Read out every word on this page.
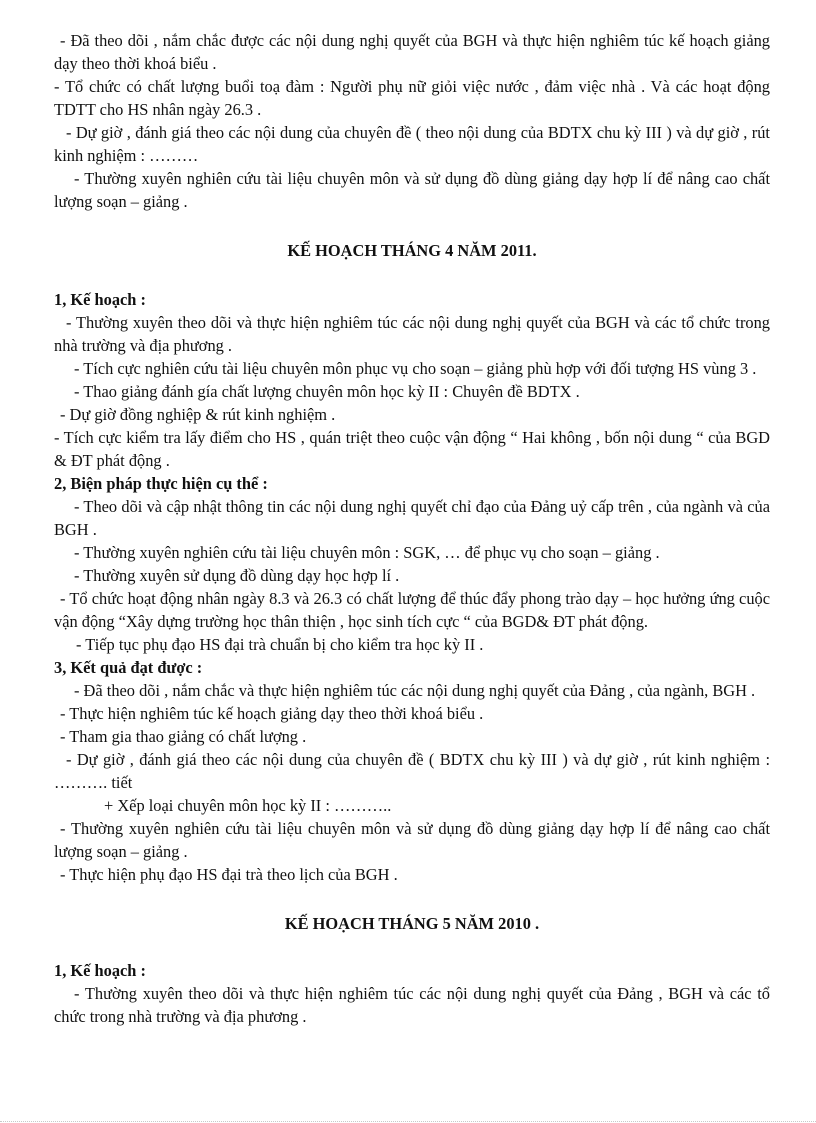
- Đã theo dõi , nắm chắc được các nội dung nghị quyết của BGH và thực hiện nghiêm túc kế hoạch giảng dạy theo thời khoá biểu .

- Tổ chức có chất lượng buổi toạ đàm : Người phụ nữ giỏi việc nước , đảm việc nhà . Và các hoạt động TDTT cho HS nhân ngày 26.3 .

- Dự giờ , đánh giá theo các nội dung của chuyên đề ( theo nội dung của BDTX chu kỳ III ) và dự giờ , rút kinh nghiệm : ………

- Thường xuyên nghiên cứu tài liệu chuyên môn và sử dụng đồ dùng giảng dạy hợp lí để nâng cao chất lượng soạn – giảng .

KẾ HOẠCH THÁNG 4 NĂM 2011.

1, Kế hoạch :

- Thường xuyên theo dõi và thực hiện nghiêm túc các nội dung nghị quyết của BGH và các tổ chức trong nhà trường và địa phương .

- Tích cực nghiên cứu tài liệu chuyên môn phục vụ cho soạn – giảng phù hợp với đối tượng HS vùng 3 .

- Thao giảng đánh gía chất lượng chuyên môn học kỳ II : Chuyên đề BDTX .

- Dự giờ đồng nghiệp & rút kinh nghiệm .

- Tích cực kiểm tra lấy điểm cho HS , quán triệt theo cuộc vận động “ Hai không , bốn nội dung “ của BGD & ĐT phát động .

2, Biện pháp thực hiện cụ thể :

- Theo dõi và cập nhật thông tin các nội dung nghị quyết chỉ đạo của Đảng uỷ cấp trên , của ngành và của BGH .

- Thường xuyên nghiên cứu tài liệu chuyên môn : SGK, … để phục vụ cho soạn – giảng .

- Thường xuyên sử dụng đồ dùng dạy học hợp lí .

- Tổ chức hoạt động nhân ngày 8.3 và 26.3 có chất lượng để thúc đẩy phong trào dạy – học hưởng ứng cuộc vận động “Xây dựng trường học thân thiện , học sinh tích cực “ của BGD& ĐT phát động.

- Tiếp tục phụ đạo HS đại trà chuẩn bị cho kiểm tra học kỳ II .

3, Kết quả đạt được :

- Đã theo dõi , nắm chắc và thực hiện nghiêm túc các nội dung nghị quyết của Đảng , của ngành, BGH .

- Thực hiện nghiêm túc kế hoạch giảng dạy theo thời khoá biểu .

- Tham gia thao giảng có chất lượng .

- Dự giờ , đánh giá theo các nội dung của chuyên đề ( BDTX chu kỳ III ) và dự giờ , rút kinh nghiệm : ………. tiết

+ Xếp loại chuyên môn học kỳ II : ………..

- Thường xuyên nghiên cứu tài liệu chuyên môn và sử dụng đồ dùng giảng dạy hợp lí để nâng cao chất lượng soạn – giảng .

- Thực hiện phụ đạo HS đại trà theo lịch của BGH .

KẾ HOẠCH THÁNG 5 NĂM 2010 .

1, Kế hoạch :

- Thường xuyên theo dõi và thực hiện nghiêm túc các nội dung nghị quyết của Đảng , BGH và các tổ chức trong nhà trường và địa phương .
